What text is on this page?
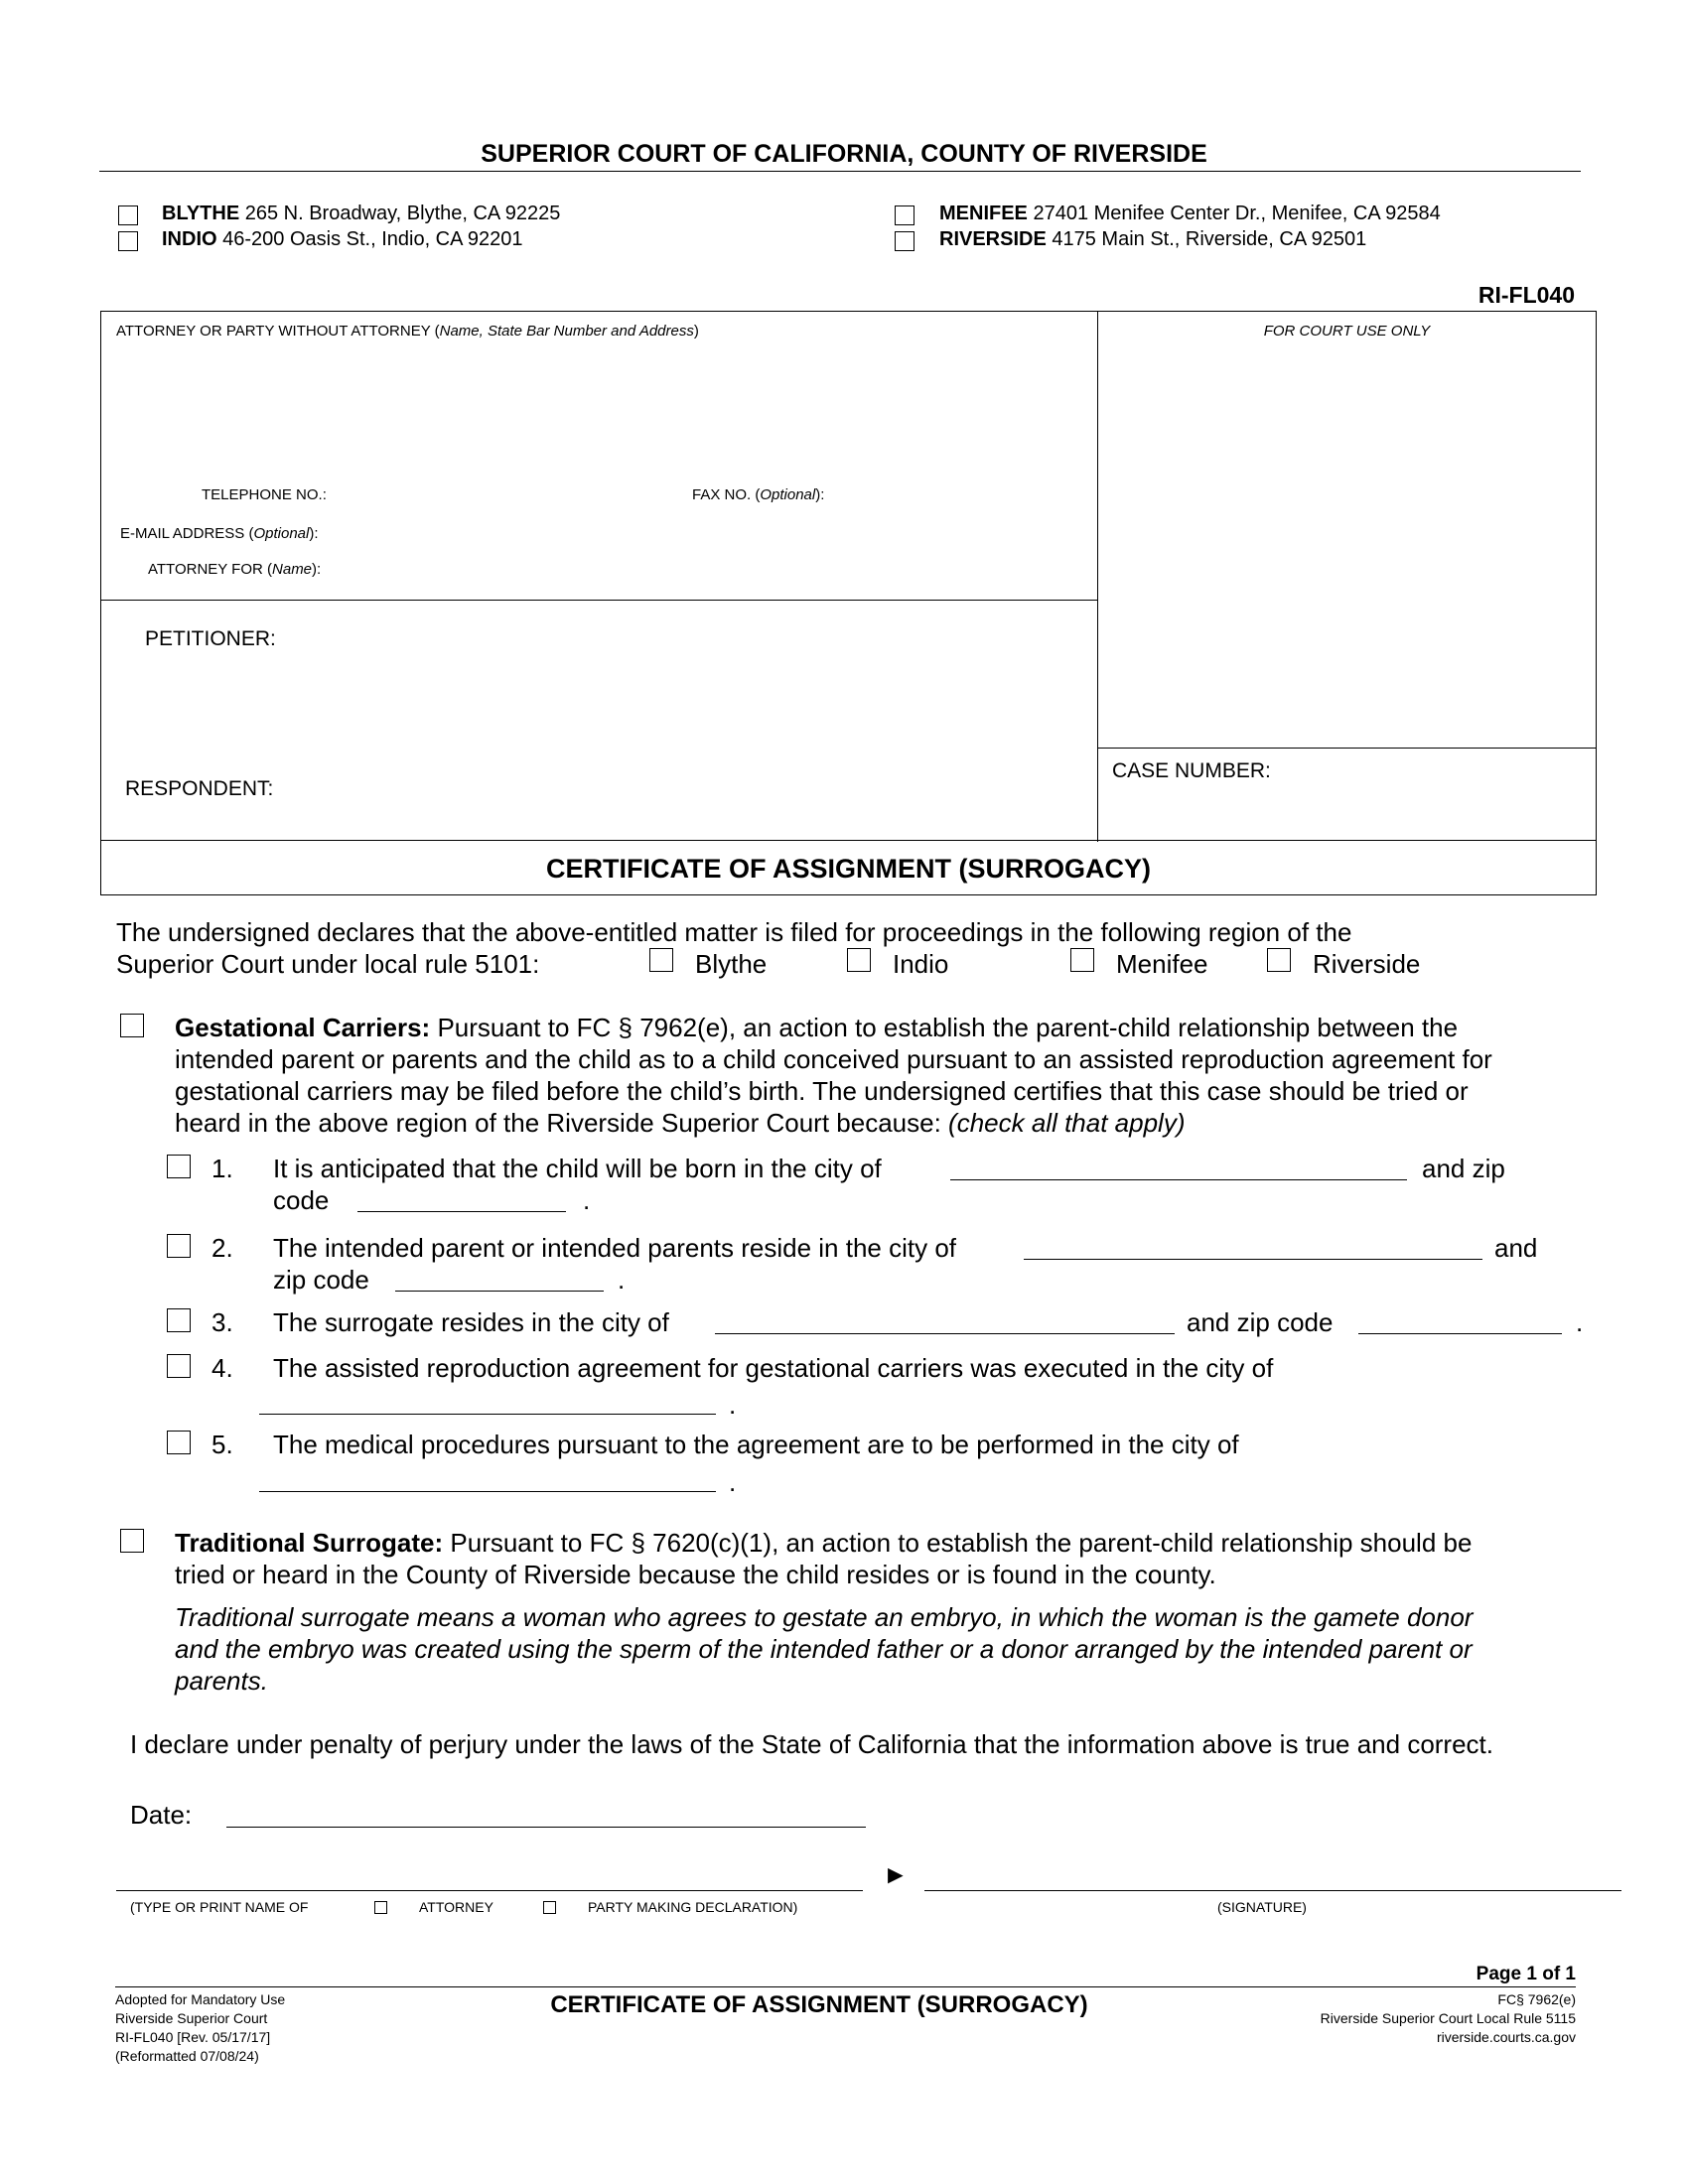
SUPERIOR COURT OF CALIFORNIA, COUNTY OF RIVERSIDE
BLYTHE 265 N. Broadway, Blythe, CA 92225
INDIO 46-200 Oasis St., Indio, CA 92201
MENIFEE 27401 Menifee Center Dr., Menifee, CA 92584
RIVERSIDE 4175 Main St., Riverside, CA 92501
RI-FL040
ATTORNEY OR PARTY WITHOUT ATTORNEY (Name, State Bar Number and Address)	FOR COURT USE ONLY
TELEPHONE NO.:	FAX NO. (Optional):
E-MAIL ADDRESS (Optional):
ATTORNEY FOR (Name):
PETITIONER:
RESPONDENT:
CASE NUMBER:
CERTIFICATE OF ASSIGNMENT (SURROGACY)
The undersigned declares that the above-entitled matter is filed for proceedings in the following region of the
Superior Court under local rule 5101:	Blythe	Indio	Menifee	Riverside
Gestational Carriers: Pursuant to FC § 7962(e), an action to establish the parent-child relationship between the
intended parent or parents and the child as to a child conceived pursuant to an assisted reproduction agreement for
gestational carriers may be filed before the child’s birth. The undersigned certifies that this case should be tried or
heard in the above region of the Riverside Superior Court because: (check all that apply)
1. It is anticipated that the child will be born in the city of	and zip
code	.
2. The intended parent or intended parents reside in the city of	and
zip code	.
3. The surrogate resides in the city of	and zip code	.
4. The assisted reproduction agreement for gestational carriers was executed in the city of
.
5. The medical procedures pursuant to the agreement are to be performed in the city of
.
Traditional Surrogate: Pursuant to FC § 7620(c)(1), an action to establish the parent-child relationship should be
tried or heard in the County of Riverside because the child resides or is found in the county.
Traditional surrogate means a woman who agrees to gestate an embryo, in which the woman is the gamete donor
and the embryo was created using the sperm of the intended father or a donor arranged by the intended parent or
parents.
I declare under penalty of perjury under the laws of the State of California that the information above is true and correct.
Date:
►
(TYPE OR PRINT NAME OF	ATTORNEY	PARTY MAKING DECLARATION)	(SIGNATURE)
Page 1 of 1
Adopted for Mandatory Use
Riverside Superior Court
RI-FL040 [Rev. 05/17/17]
(Reformatted 07/08/24)
CERTIFICATE OF ASSIGNMENT (SURROGACY)	FC§ 7962(e)
Riverside Superior Court Local Rule 5115
riverside.courts.ca.gov
